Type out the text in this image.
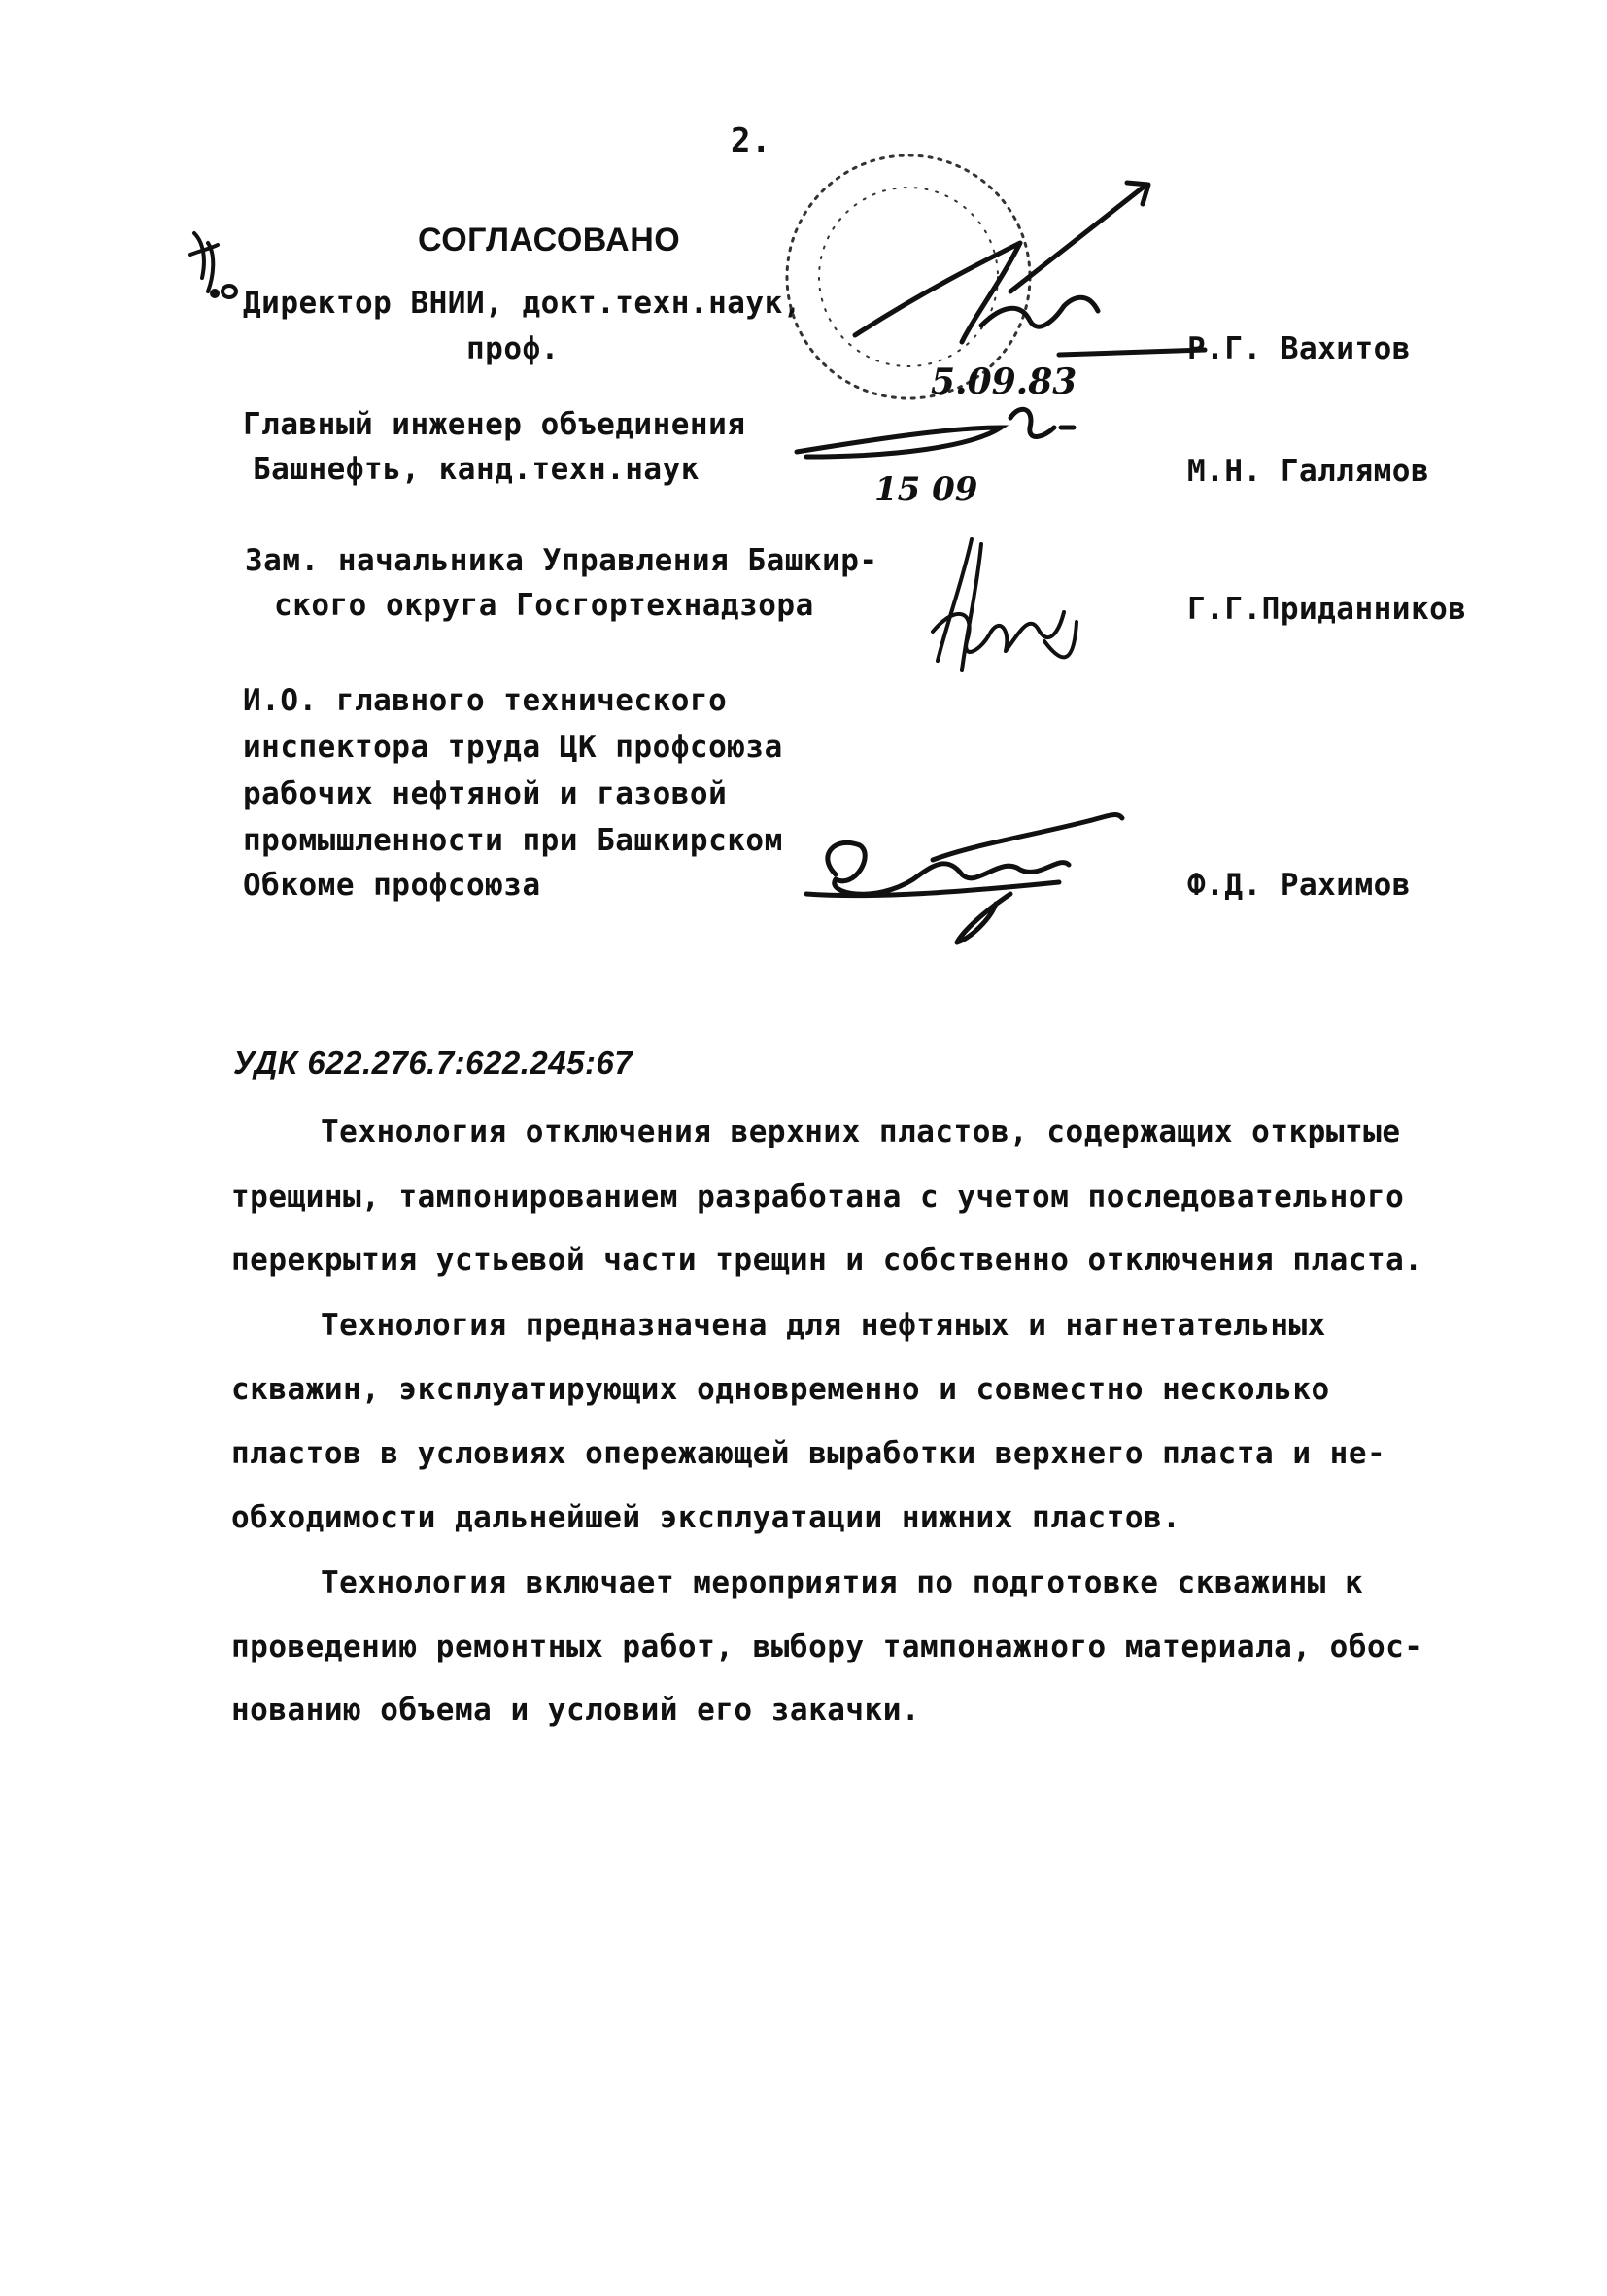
2.
СОГЛАСОВАНО
Директор ВНИИ, докт.техн.наук,
проф.	Р.Г. Вахитов
Главный инженер объединения
Башнефть, канд.техн.наук	М.Н. Галлямов
Зам. начальника Управления Башкир-
ского округа Госгортехнадзора	Г.Г.Приданников
И.О. главного технического
инспектора труда ЦК профсоюза
рабочих нефтяной и газовой
промышленности при Башкирском
Обкоме профсоюза	Ф.Д. Рахимов
5.09.83
15 09
УДК 622.276.7:622.245:67
Технология отключения верхних пластов, содержащих открытые
трещины, тампонированием разработана с учетом последовательного
перекрытия устьевой части трещин и собственно отключения пласта.
Технология предназначена для нефтяных и нагнетательных
скважин, эксплуатирующих одновременно и совместно несколько
пластов в условиях опережающей выработки верхнего пласта и не-
обходимости дальнейшей эксплуатации нижних пластов.
Технология включает мероприятия по подготовке скважины к
проведению ремонтных работ, выбору тампонажного материала, обос-
нованию объема и условий его закачки.
